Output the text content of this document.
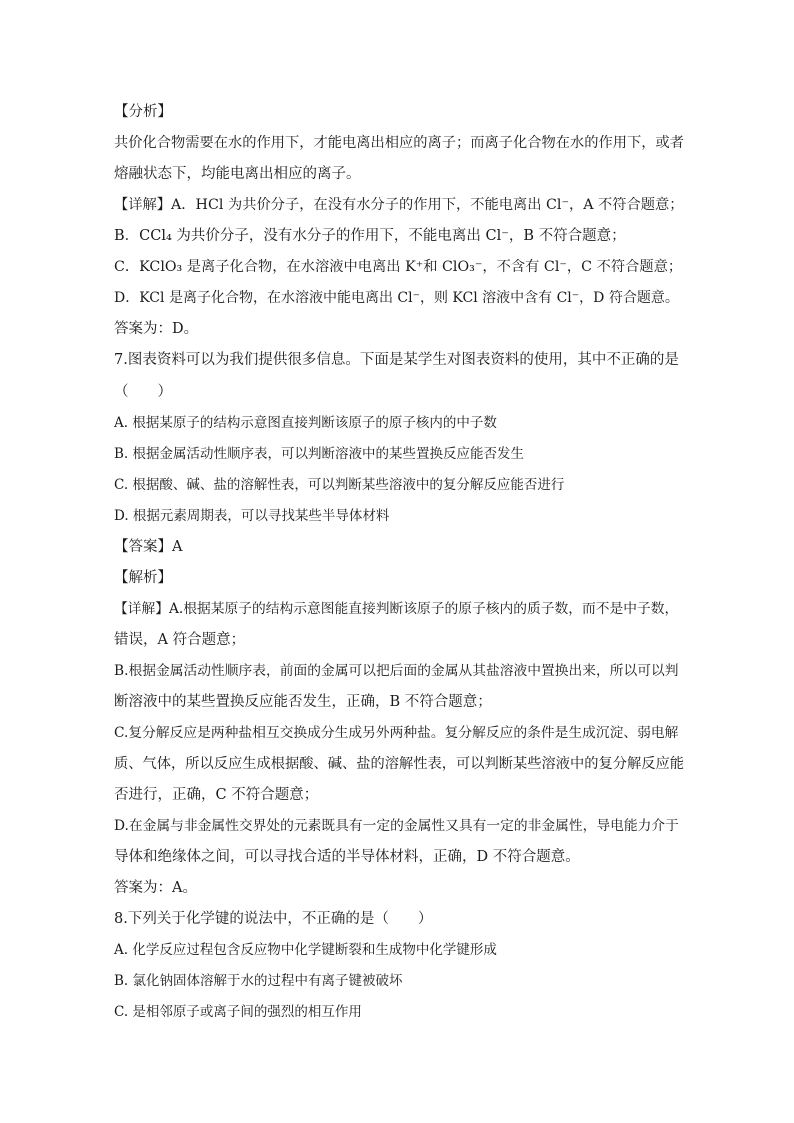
【分析】
共价化合物需要在水的作用下，才能电离出相应的离子；而离子化合物在水的作用下，或者
熔融状态下，均能电离出相应的离子。
【详解】A．HCl 为共价分子，在没有水分子的作用下，不能电离出 Cl⁻，A 不符合题意；
B．CCl₄ 为共价分子，没有水分子的作用下，不能电离出 Cl⁻，B 不符合题意；
C．KClO₃ 是离子化合物，在水溶液中电离出 K⁺和 ClO₃⁻，不含有 Cl⁻，C 不符合题意；
D．KCl 是离子化合物，在水溶液中能电离出 Cl⁻，则 KCl 溶液中含有 Cl⁻，D 符合题意。
答案为：D。
7.图表资料可以为我们提供很多信息。下面是某学生对图表资料的使用，其中不正确的是
（　　）
A. 根据某原子的结构示意图直接判断该原子的原子核内的中子数
B. 根据金属活动性顺序表，可以判断溶液中的某些置换反应能否发生
C. 根据酸、碱、盐的溶解性表，可以判断某些溶液中的复分解反应能否进行
D. 根据元素周期表，可以寻找某些半导体材料
【答案】A
【解析】
【详解】A.根据某原子的结构示意图能直接判断该原子的原子核内的质子数，而不是中子数，
错误，A 符合题意；
B.根据金属活动性顺序表，前面的金属可以把后面的金属从其盐溶液中置换出来，所以可以判
断溶液中的某些置换反应能否发生，正确，B 不符合题意；
C.复分解反应是两种盐相互交换成分生成另外两种盐。复分解反应的条件是生成沉淀、弱电解
质、气体，所以反应生成根据酸、碱、盐的溶解性表，可以判断某些溶液中的复分解反应能
否进行，正确，C 不符合题意；
D.在金属与非金属性交界处的元素既具有一定的金属性又具有一定的非金属性，导电能力介于
导体和绝缘体之间，可以寻找合适的半导体材料，正确，D 不符合题意。
答案为：A。
8.下列关于化学键的说法中，不正确的是（　　）
A. 化学反应过程包含反应物中化学键断裂和生成物中化学键形成
B. 氯化钠固体溶解于水的过程中有离子键被破坏
C. 是相邻原子或离子间的强烈的相互作用
